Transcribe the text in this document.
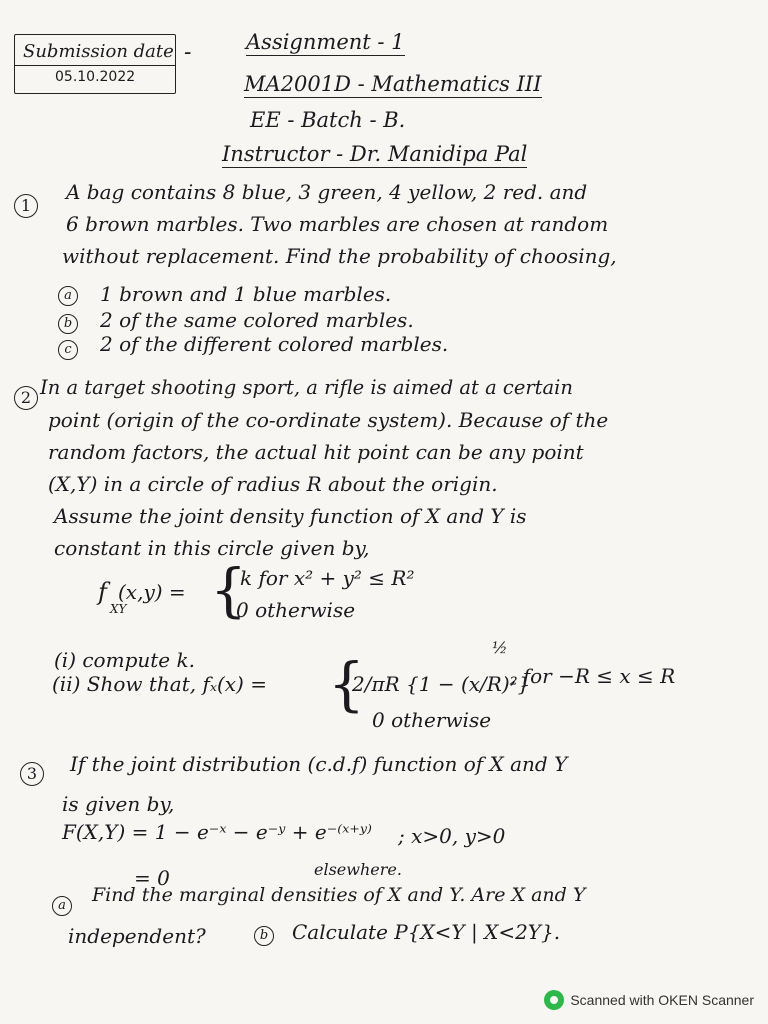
Submission date
05.10.2022
-	Assignment - 1
MA2001D - Mathematics III
EE - Batch - B.
Instructor - Dr. Manidipa Pal
1
A bag contains 8 blue, 3 green, 4 yellow, 2 red. and
6 brown marbles. Two marbles are chosen at random
without replacement. Find the probability of choosing,
a	1 brown and 1 blue marbles.
b 2 of the same colored marbles.
c	2 of the different colored marbles.
2 In a target shooting sport, a rifle is aimed at a certain
point (origin of the co-ordinate system). Because of the
random factors, the actual hit point can be any point
(X,Y) in a circle of radius R about the origin.
Assume the joint density function of X and Y is
constant in this circle given by,
f
XY
(x,y) = {
k for x² + y² ≤ R²
0 otherwise
(i) compute k.
(ii) Show that, fₓ(x) = {
2/πR {1 − (x/R)²}
½
, for −R ≤ x ≤ R
0 otherwise
3	If the joint distribution (c.d.f) function of X and Y
is given by,
F(X,Y) = 1 − e⁻ˣ − e⁻ʸ + e⁻⁽ˣ⁺ʸ⁾ ; x>0, y>0
= 0	elsewhere.
a	Find the marginal densities of X and Y. Are X and Y
independent?	b Calculate P{X<Y | X<2Y}.
Scanned with OKEN Scanner
